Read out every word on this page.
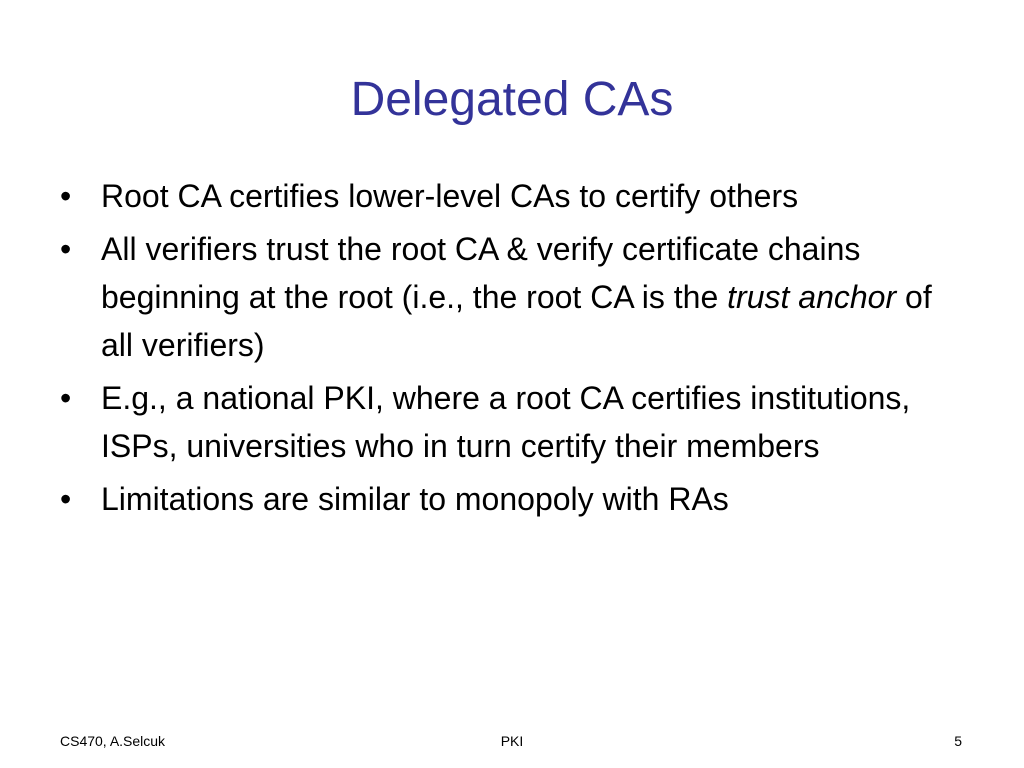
Delegated CAs
• Root CA certifies lower-level CAs to certify others
• All verifiers trust the root CA & verify certificate chains beginning at the root (i.e., the root CA is the trust anchor of all verifiers)
• E.g., a national PKI, where a root CA certifies institutions, ISPs, universities who in turn certify their members
• Limitations are similar to monopoly with RAs
CS470, A.Selcuk	PKI	5
